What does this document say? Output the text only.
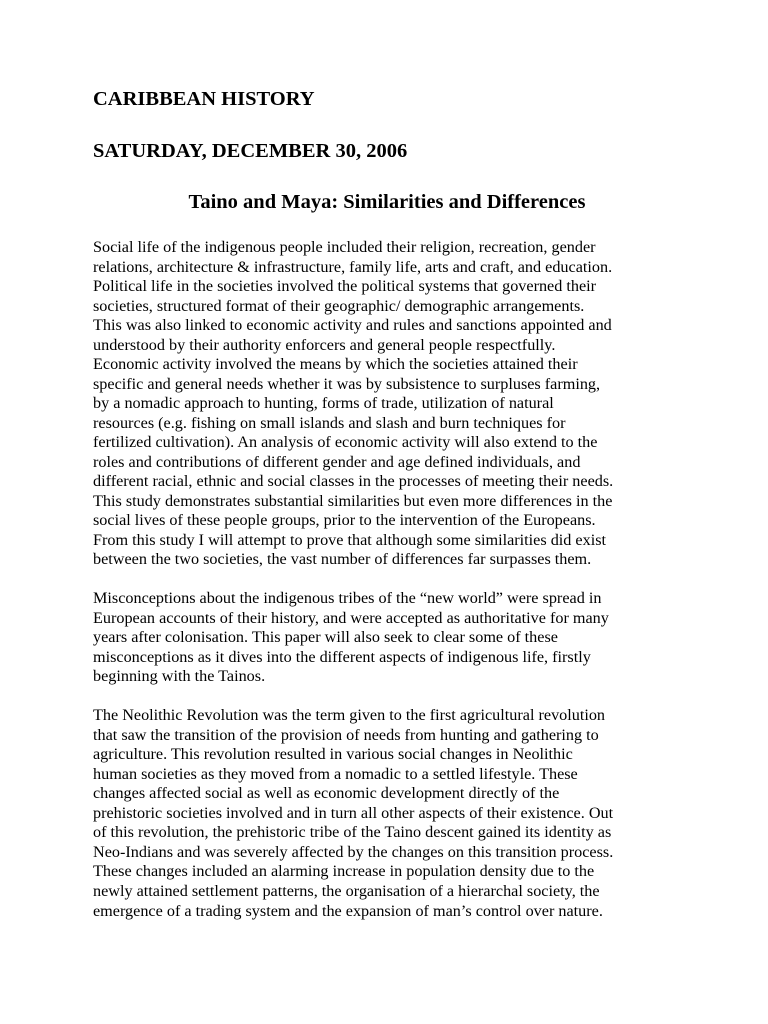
CARIBBEAN HISTORY
SATURDAY, DECEMBER 30, 2006
Taino and Maya: Similarities and Differences

Social life of the indigenous people included their religion, recreation, gender
relations, architecture & infrastructure, family life, arts and craft, and education.
Political life in the societies involved the political systems that governed their
societies, structured format of their geographic/ demographic arrangements.
This was also linked to economic activity and rules and sanctions appointed and
understood by their authority enforcers and general people respectfully.
Economic activity involved the means by which the societies attained their
specific and general needs whether it was by subsistence to surpluses farming,
by a nomadic approach to hunting, forms of trade, utilization of natural
resources (e.g. fishing on small islands and slash and burn techniques for
fertilized cultivation). An analysis of economic activity will also extend to the
roles and contributions of different gender and age defined individuals, and
different racial, ethnic and social classes in the processes of meeting their needs.
This study demonstrates substantial similarities but even more differences in the
social lives of these people groups, prior to the intervention of the Europeans.
From this study I will attempt to prove that although some similarities did exist
between the two societies, the vast number of differences far surpasses them.

Misconceptions about the indigenous tribes of the “new world” were spread in
European accounts of their history, and were accepted as authoritative for many
years after colonisation. This paper will also seek to clear some of these
misconceptions as it dives into the different aspects of indigenous life, firstly
beginning with the Tainos.

The Neolithic Revolution was the term given to the first agricultural revolution
that saw the transition of the provision of needs from hunting and gathering to
agriculture. This revolution resulted in various social changes in Neolithic
human societies as they moved from a nomadic to a settled lifestyle. These
changes affected social as well as economic development directly of the
prehistoric societies involved and in turn all other aspects of their existence. Out
of this revolution, the prehistoric tribe of the Taino descent gained its identity as
Neo-Indians and was severely affected by the changes on this transition process.
These changes included an alarming increase in population density due to the
newly attained settlement patterns, the organisation of a hierarchal society, the
emergence of a trading system and the expansion of man’s control over nature.
